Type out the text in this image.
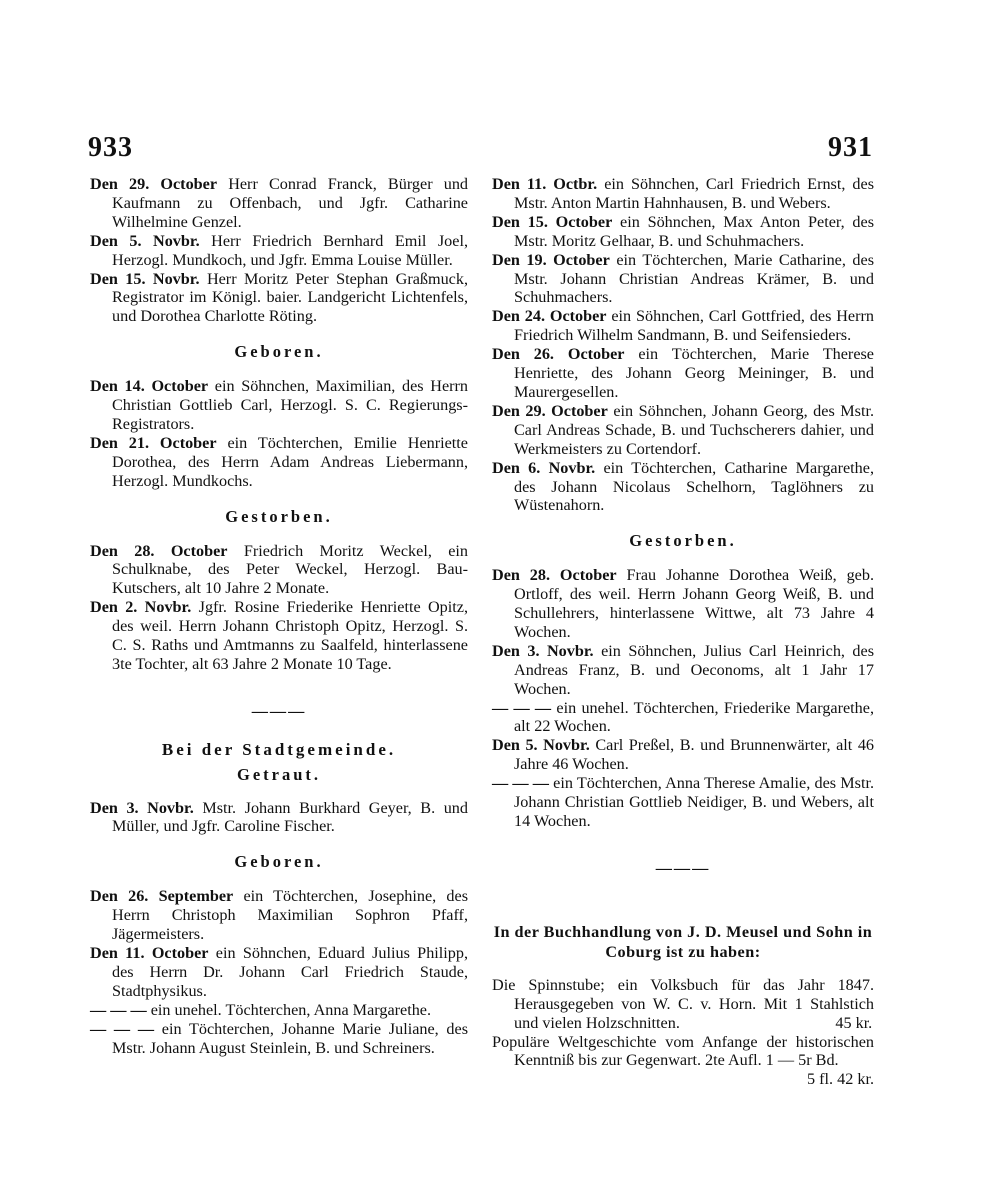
933	931

Den 29. October Herr Conrad Franck, Bürger und Kaufmann zu Offenbach, und Jgfr. Catharine Wilhelmine Genzel.

Den 5. Novbr. Herr Friedrich Bernhard Emil Joel, Herzogl. Mundkoch, und Jgfr. Emma Louise Müller.

Den 15. Novbr. Herr Moritz Peter Stephan Graßmuck, Registrator im Königl. baier. Landgericht Lichtenfels, und Dorothea Charlotte Röting.

Geboren.

Den 14. October ein Söhnchen, Maximilian, des Herrn Christian Gottlieb Carl, Herzogl. S. C. Regierungs-Registrators.

Den 21. October ein Töchterchen, Emilie Henriette Dorothea, des Herrn Adam Andreas Liebermann, Herzogl. Mundkochs.

Gestorben.

Den 28. October Friedrich Moritz Weckel, ein Schulknabe, des Peter Weckel, Herzogl. Bau-Kutschers, alt 10 Jahre 2 Monate.

Den 2. Novbr. Jgfr. Rosine Friederike Henriette Opitz, des weil. Herrn Johann Christoph Opitz, Herzogl. S. C. S. Raths und Amtmanns zu Saalfeld, hinterlassene 3te Tochter, alt 63 Jahre 2 Monate 10 Tage.

———
Bei der Stadtgemeinde.
Getraut.

Den 3. Novbr. Mstr. Johann Burkhard Geyer, B. und Müller, und Jgfr. Caroline Fischer.

Geboren.

Den 26. September ein Töchterchen, Josephine, des Herrn Christoph Maximilian Sophron Pfaff, Jägermeisters.

Den 11. October ein Söhnchen, Eduard Julius Philipp, des Herrn Dr. Johann Carl Friedrich Staude, Stadtphysikus.

— — — ein unehel. Töchterchen, Anna Margarethe.

— — — ein Töchterchen, Johanne Marie Juliane, des Mstr. Johann August Steinlein, B. und Schreiners.

Den 11. Octbr. ein Söhnchen, Carl Friedrich Ernst, des Mstr. Anton Martin Hahnhausen, B. und Webers.

Den 15. October ein Söhnchen, Max Anton Peter, des Mstr. Moritz Gelhaar, B. und Schuhmachers.

Den 19. October ein Töchterchen, Marie Catharine, des Mstr. Johann Christian Andreas Krämer, B. und Schuhmachers.

Den 24. October ein Söhnchen, Carl Gottfried, des Herrn Friedrich Wilhelm Sandmann, B. und Seifensieders.

Den 26. October ein Töchterchen, Marie Therese Henriette, des Johann Georg Meininger, B. und Maurergesellen.

Den 29. October ein Söhnchen, Johann Georg, des Mstr. Carl Andreas Schade, B. und Tuchscherers dahier, und Werkmeisters zu Cortendorf.

Den 6. Novbr. ein Töchterchen, Catharine Margarethe, des Johann Nicolaus Schelhorn, Taglöhners zu Wüstenahorn.

Gestorben.

Den 28. October Frau Johanne Dorothea Weiß, geb. Ortloff, des weil. Herrn Johann Georg Weiß, B. und Schullehrers, hinterlassene Wittwe, alt 73 Jahre 4 Wochen.

Den 3. Novbr. ein Söhnchen, Julius Carl Heinrich, des Andreas Franz, B. und Oeconoms, alt 1 Jahr 17 Wochen.

— — — ein unehel. Töchterchen, Friederike Margarethe, alt 22 Wochen.

Den 5. Novbr. Carl Preßel, B. und Brunnenwärter, alt 46 Jahre 46 Wochen.

— — — ein Töchterchen, Anna Therese Amalie, des Mstr. Johann Christian Gottlieb Neidiger, B. und Webers, alt 14 Wochen.

———
In der Buchhandlung von J. D. Meusel und Sohn in Coburg ist zu haben:

Die Spinnstube; ein Volksbuch für das Jahr 1847. Herausgegeben von W. C. v. Horn. Mit 1 Stahlstich und vielen Holzschnitten.	45 kr.

Populäre Weltgeschichte vom Anfange der historischen Kenntniß bis zur Gegenwart. 2te Aufl. 1 — 5r Bd.
5 fl. 42 kr.
